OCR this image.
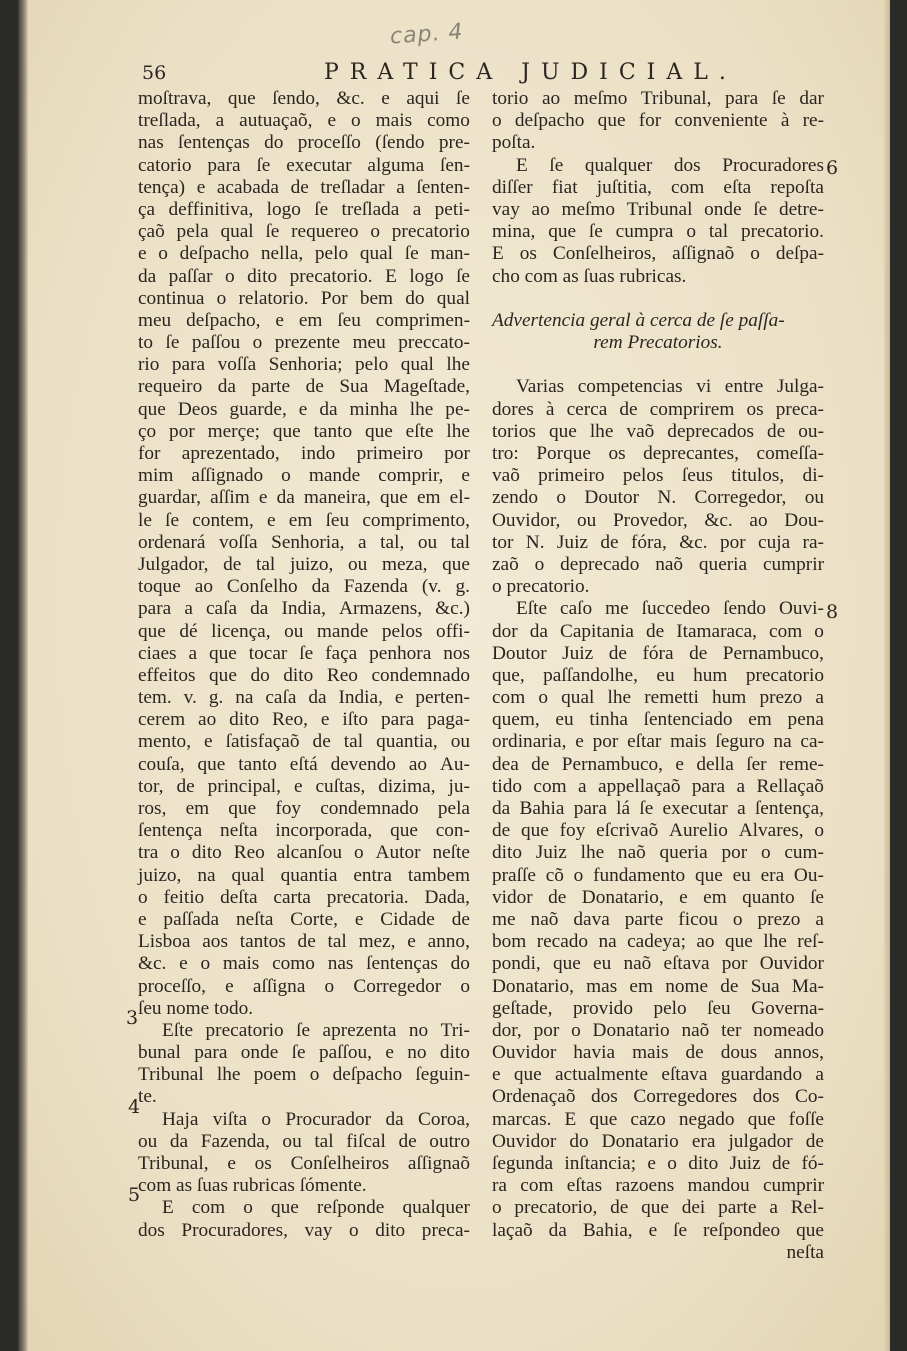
cap. 4
56	PRATICA JUDICIAL.
moſtrava, que ſendo, &c. e aqui ſe
treſlada, a autuaçaõ, e o mais como
nas ſentenças do proceſſo (ſendo pre-
catorio para ſe executar alguma ſen-
tença) e acabada de treſladar a ſenten-
ça deffinitiva, logo ſe treſlada a peti-
çaõ pela qual ſe requereo o precatorio
e o deſpacho nella, pelo qual ſe man-
da paſſar o dito precatorio. E logo ſe
continua o relatorio. Por bem do qual
meu deſpacho, e em ſeu comprimen-
to ſe paſſou o prezente meu preccato-
rio para voſſa Senhoria; pelo qual lhe
requeiro da parte de Sua Mageſtade,
que Deos guarde, e da minha lhe pe-
ço por merçe; que tanto que eſte lhe
for aprezentado, indo primeiro por
mim aſſignado o mande comprir, e
guardar, aſſim e da maneira, que em el-
le ſe contem, e em ſeu comprimento,
ordenará voſſa Senhoria, a tal, ou tal
Julgador, de tal juizo, ou meza, que
toque ao Conſelho da Fazenda (v. g.
para a caſa da India, Armazens, &c.)
que dé licença, ou mande pelos offi-
ciaes a que tocar ſe faça penhora nos
effeitos que do dito Reo condemnado
tem. v. g. na caſa da India, e perten-
cerem ao dito Reo, e iſto para paga-
mento, e ſatisfaçaõ de tal quantia, ou
couſa, que tanto eſtá devendo ao Au-
tor, de principal, e cuſtas, dizima, ju-
ros, em que foy condemnado pela
ſentença neſta incorporada, que con-
tra o dito Reo alcanſou o Autor neſte
juizo, na qual quantia entra tambem
o feitio deſta carta precatoria. Dada,
e paſſada neſta Corte, e Cidade de
Lisboa aos tantos de tal mez, e anno,
&c. e o mais como nas ſentenças do
proceſſo, e aſſigna o Corregedor o
ſeu nome todo.
Eſte precatorio ſe aprezenta no Tri-
bunal para onde ſe paſſou, e no dito
Tribunal lhe poem o deſpacho ſeguin-
te.
Haja viſta o Procurador da Coroa,
ou da Fazenda, ou tal fiſcal de outro
Tribunal, e os Conſelheiros aſſignaõ
com as ſuas rubricas ſómente.
E com o que reſponde qualquer
dos Procuradores, vay o dito preca-
torio ao meſmo Tribunal, para ſe dar
o deſpacho que for conveniente à re-
poſta.
E ſe qualquer dos Procuradores
diſſer fiat juſtitia, com eſta repoſta
vay ao meſmo Tribunal onde ſe detre-
mina, que ſe cumpra o tal precatorio.
E os Conſelheiros, aſſignaõ o deſpa-
cho com as ſuas rubricas.
Advertencia geral à cerca de ſe paſſa-
rem Precatorios.
Varias competencias vi entre Julga-
dores à cerca de comprirem os preca-
torios que lhe vaõ deprecados de ou-
tro: Porque os deprecantes, comeſſa-
vaõ primeiro pelos ſeus titulos, di-
zendo o Doutor N. Corregedor, ou
Ouvidor, ou Provedor, &c. ao Dou-
tor N. Juiz de fóra, &c. por cuja ra-
zaõ o deprecado naõ queria cumprir
o precatorio.
Eſte caſo me ſuccedeo ſendo Ouvi-
dor da Capitania de Itamaraca, com o
Doutor Juiz de fóra de Pernambuco,
que, paſſandolhe, eu hum precatorio
com o qual lhe remetti hum prezo a
quem, eu tinha ſentenciado em pena
ordinaria, e por eſtar mais ſeguro na ca-
dea de Pernambuco, e della ſer reme-
tido com a appellaçaõ para a Rellaçaõ
da Bahia para lá ſe executar a ſentença,
de que foy eſcrivaõ Aurelio Alvares, o
dito Juiz lhe naõ queria por o cum-
praſſe cõ o fundamento que eu era Ou-
vidor de Donatario, e em quanto ſe
me naõ dava parte ficou o prezo a
bom recado na cadeya; ao que lhe reſ-
pondi, que eu naõ eſtava por Ouvidor
Donatario, mas em nome de Sua Ma-
geſtade, provido pelo ſeu Governa-
dor, por o Donatario naõ ter nomeado
Ouvidor havia mais de dous annos,
e que actualmente eſtava guardando a
Ordenaçaõ dos Corregedores dos Co-
marcas. E que cazo negado que foſſe
Ouvidor do Donatario era julgador de
ſegunda inſtancia; e o dito Juiz de fó-
ra com eſtas razoens mandou cumprir
o precatorio, de que dei parte a Rel-
laçaõ da Bahia, e ſe reſpondeo que
neſta
3
4
5
6
8
